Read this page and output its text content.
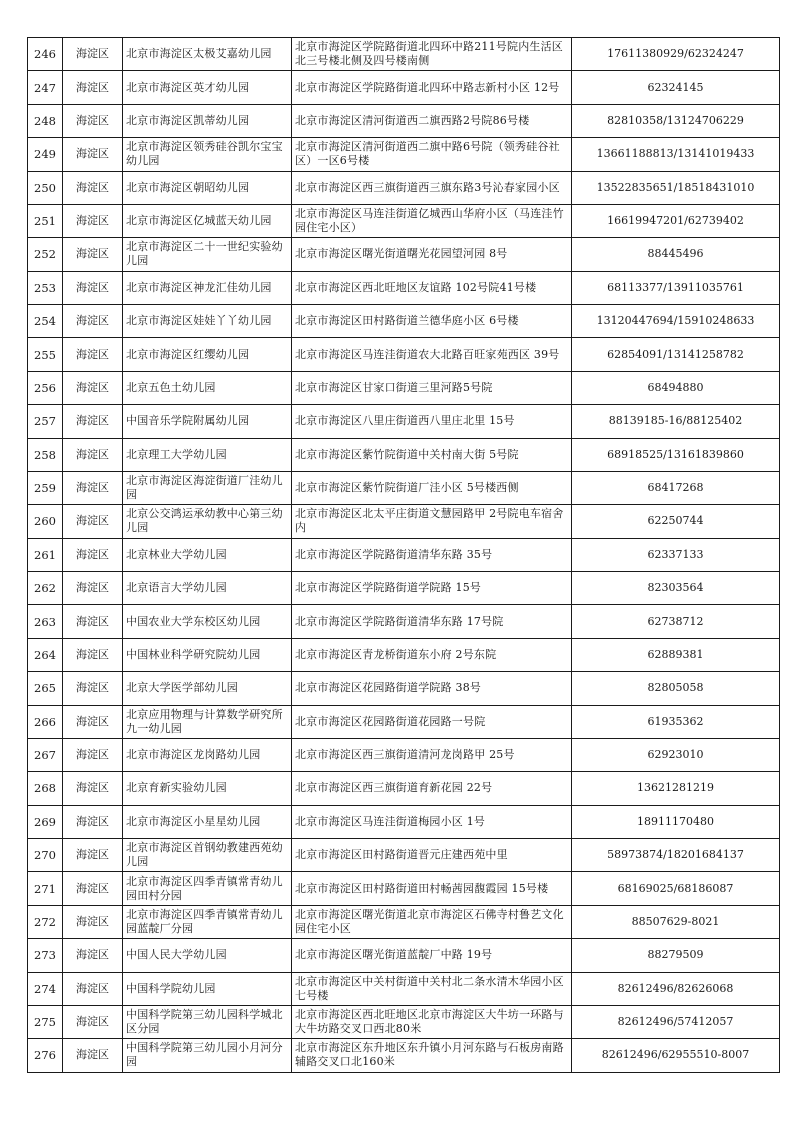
246	海淀区	北京市海淀区太极艾嘉幼儿园	北京市海淀区学院路街道北四环中路211号院内生活区北三号楼北侧及四号楼南侧	17611380929/62324247
247	海淀区	北京市海淀区英才幼儿园	北京市海淀区学院路街道北四环中路志新村小区 12号	62324145
248	海淀区	北京市海淀区凯蒂幼儿园	北京市海淀区清河街道西二旗西路2号院86号楼	82810358/13124706229
249	海淀区	北京市海淀区领秀硅谷凯尔宝宝幼儿园	北京市海淀区清河街道西二旗中路6号院（领秀硅谷社区）一区6号楼	13661188813/13141019433
250	海淀区	北京市海淀区朝昭幼儿园	北京市海淀区西三旗街道西三旗东路3号沁春家园小区	13522835651/18518431010
251	海淀区	北京市海淀区亿城蓝天幼儿园	北京市海淀区马连洼街道亿城西山华府小区（马连洼竹园住宅小区）	16619947201/62739402
252	海淀区	北京市海淀区二十一世纪实验幼儿园	北京市海淀区曙光街道曙光花园望河园 8号	88445496
253	海淀区	北京市海淀区神龙汇佳幼儿园	北京市海淀区西北旺地区友谊路 102号院41号楼	68113377/13911035761
254	海淀区	北京市海淀区娃娃丫丫幼儿园	北京市海淀区田村路街道兰德华庭小区 6号楼	13120447694/15910248633
255	海淀区	北京市海淀区红缨幼儿园	北京市海淀区马连洼街道农大北路百旺家苑西区 39号	62854091/13141258782
256	海淀区	北京五色土幼儿园	北京市海淀区甘家口街道三里河路5号院	68494880
257	海淀区	中国音乐学院附属幼儿园	北京市海淀区八里庄街道西八里庄北里 15号	88139185-16/88125402
258	海淀区	北京理工大学幼儿园	北京市海淀区紫竹院街道中关村南大街 5号院	68918525/13161839860
259	海淀区	北京市海淀区海淀街道厂洼幼儿园	北京市海淀区紫竹院街道厂洼小区 5号楼西侧	68417268
260	海淀区	北京公交鸿运承幼教中心第三幼儿园	北京市海淀区北太平庄街道文慧园路甲 2号院电车宿舍内	62250744
261	海淀区	北京林业大学幼儿园	北京市海淀区学院路街道清华东路 35号	62337133
262	海淀区	北京语言大学幼儿园	北京市海淀区学院路街道学院路 15号	82303564
263	海淀区	中国农业大学东校区幼儿园	北京市海淀区学院路街道清华东路 17号院	62738712
264	海淀区	中国林业科学研究院幼儿园	北京市海淀区青龙桥街道东小府 2号东院	62889381
265	海淀区	北京大学医学部幼儿园	北京市海淀区花园路街道学院路 38号	82805058
266	海淀区	北京应用物理与计算数学研究所九一幼儿园	北京市海淀区花园路街道花园路一号院	61935362
267	海淀区	北京市海淀区龙岗路幼儿园	北京市海淀区西三旗街道清河龙岗路甲 25号	62923010
268	海淀区	北京育新实验幼儿园	北京市海淀区西三旗街道育新花园 22号	13621281219
269	海淀区	北京市海淀区小星星幼儿园	北京市海淀区马连洼街道梅园小区 1号	18911170480
270	海淀区	北京市海淀区首钢幼教建西苑幼儿园	北京市海淀区田村路街道晋元庄建西苑中里	58973874/18201684137
271	海淀区	北京市海淀区四季青镇常青幼儿园田村分园	北京市海淀区田村路街道田村畅茜园馥霞园 15号楼	68169025/68186087
272	海淀区	北京市海淀区四季青镇常青幼儿园蓝靛厂分园	北京市海淀区曙光街道北京市海淀区石佛寺村鲁艺文化园住宅小区	88507629-8021
273	海淀区	中国人民大学幼儿园	北京市海淀区曙光街道蓝靛厂中路 19号	88279509
274	海淀区	中国科学院幼儿园	北京市海淀区中关村街道中关村北二条水清木华园小区七号楼	82612496/82626068
275	海淀区	中国科学院第三幼儿园科学城北区分园	北京市海淀区西北旺地区北京市海淀区大牛坊一环路与大牛坊路交叉口西北80米	82612496/57412057
276	海淀区	中国科学院第三幼儿园小月河分园	北京市海淀区东升地区东升镇小月河东路与石板房南路辅路交叉口北160米	82612496/62955510-8007
